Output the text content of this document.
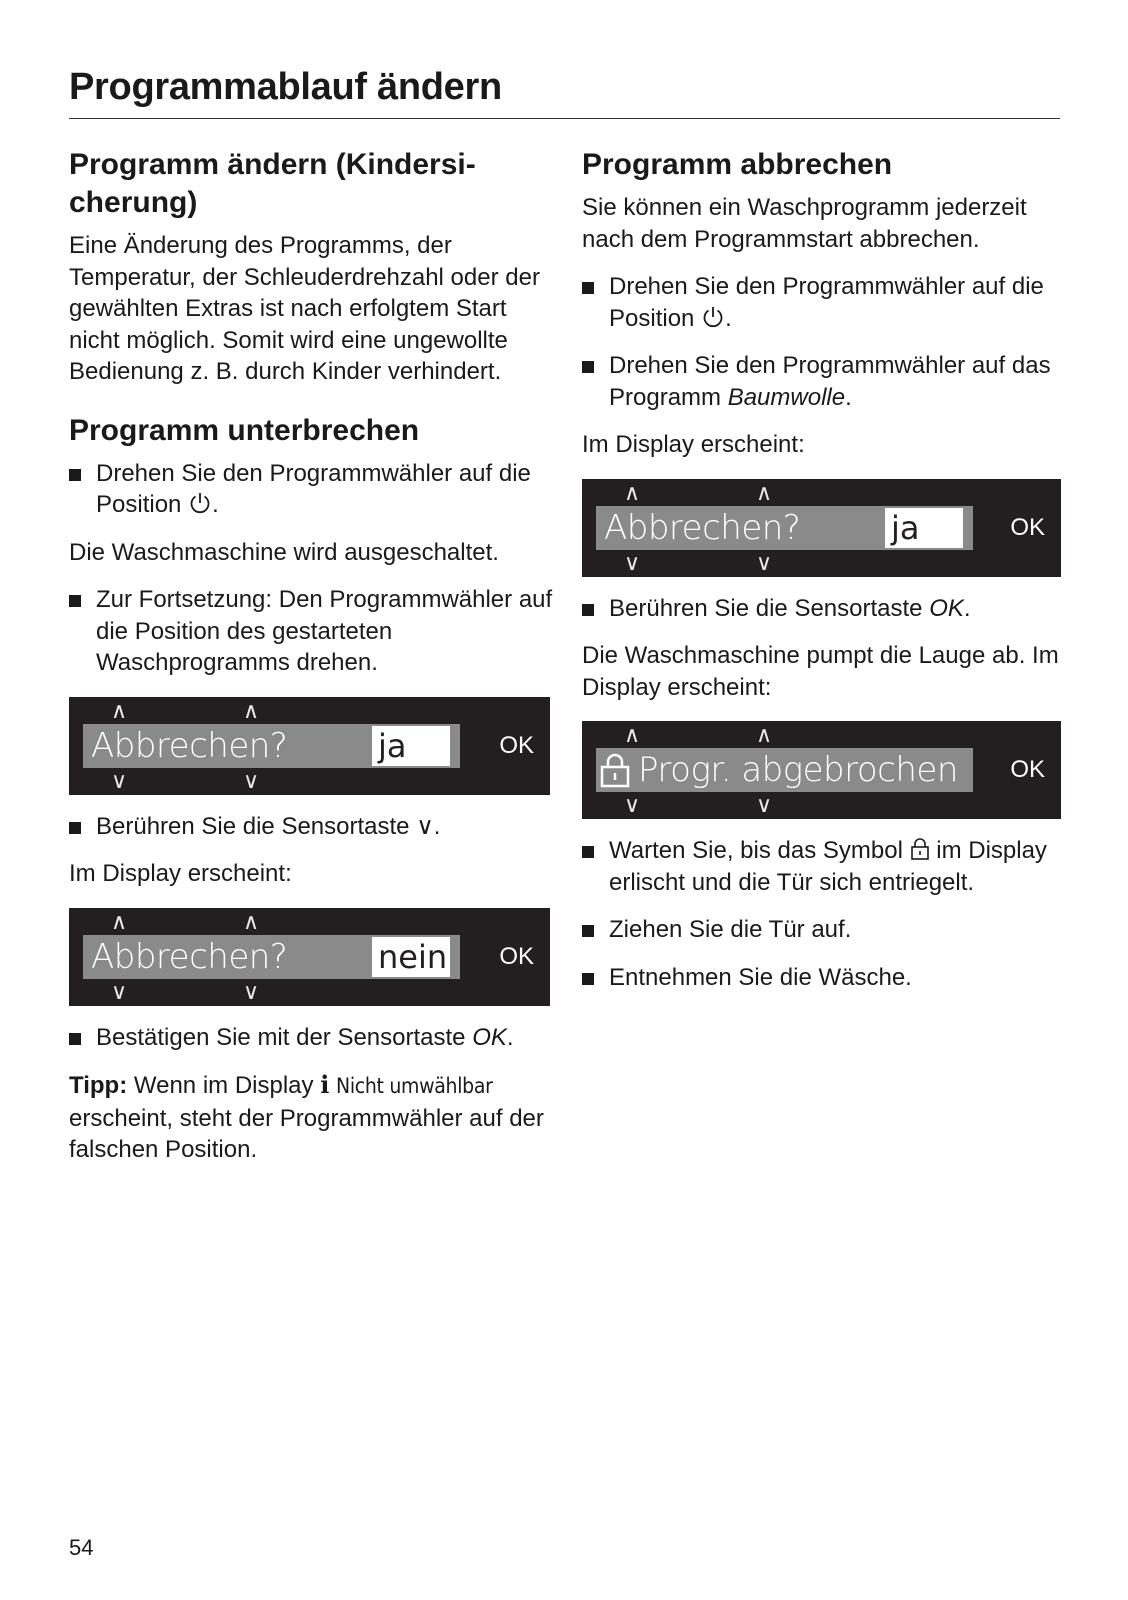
Programmablauf ändern
Programm ändern (Kindersi-
cherung)

Eine Änderung des Programms, der Temperatur, der Schleuderdrehzahl oder der gewählten Extras ist nach erfolgtem Start nicht möglich. Somit wird eine ungewollte Bedienung z. B. durch Kinder verhindert.

Programm unterbrechen
Drehen Sie den Programmwähler auf die Position .

Die Waschmaschine wird ausgeschaltet.

Zur Fortsetzung: Den Programmwähler auf die Position des gestarteten Waschprogramms drehen.
∧	∧
Abbrechen?	ja	OK
∨	∨
Berühren Sie die Sensortaste ∨.

Im Display erscheint:

∧	∧
Abbrechen?	nein OK
∨	∨
Bestätigen Sie mit der Sensortaste OK.

Tipp: Wenn im Display i Nicht umwählbar erscheint, steht der Programmwähler auf der falschen Position.

Programm abbrechen

Sie können ein Waschprogramm jederzeit nach dem Programmstart abbrechen.

Drehen Sie den Programmwähler auf die Position .
Drehen Sie den Programmwähler auf das Programm Baumwolle.

Im Display erscheint:

∧	∧
Abbrechen?	ja	OK
∨	∨
Berühren Sie die Sensortaste OK.

Die Waschmaschine pumpt die Lauge ab. Im Display erscheint:

∧	∧
Progr. abgebrochen OK
∨	∨
Warten Sie, bis das Symbol im Display erlischt und die Tür sich entriegelt.
Ziehen Sie die Tür auf.
Entnehmen Sie die Wäsche.
54
